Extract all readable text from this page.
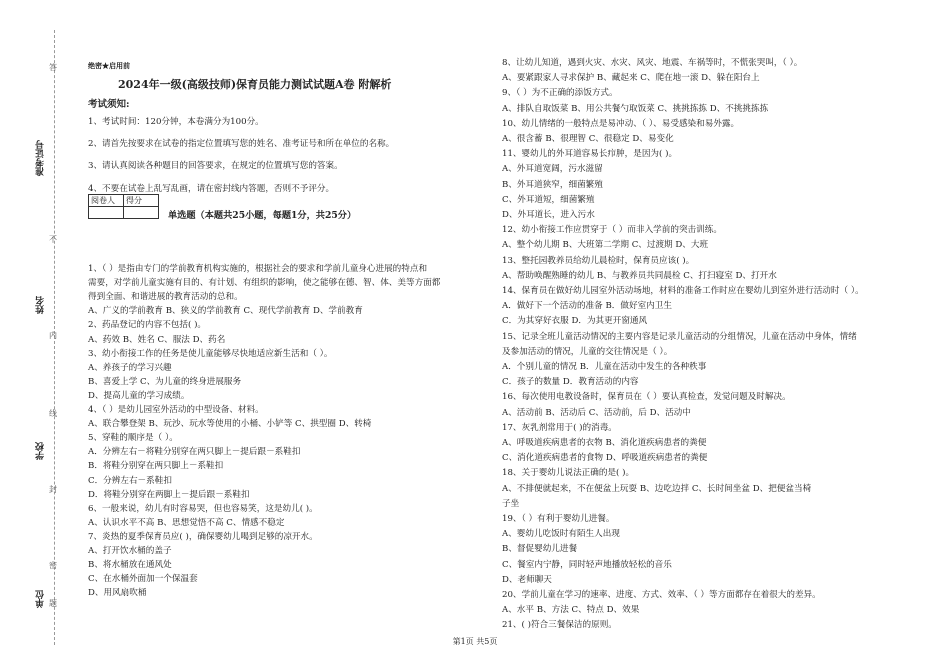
准考证号
姓名
学校
单位
答
不
内
线
封
密
题
绝密★启用前
2024年一级(高级技师)保育员能力测试试题A卷 附解析
考试须知:
1、考试时间：120分钟，本卷满分为100分。
2、请首先按要求在试卷的指定位置填写您的姓名、准考证号和所在单位的名称。
3、请认真阅读各种题目的回答要求，在规定的位置填写您的答案。
4、不要在试卷上乱写乱画，请在密封线内答题，否则不予评分。
阅卷人	得分

单选题（本题共25小题，每题1分，共25分）
1、（ ）是指由专门的学前教育机构实施的，根据社会的要求和学前儿童身心进展的特点和
需要，对学前儿童实施有目的、有计划、有组织的影响，使之能够在德、智、体、美等方面都
得到全面、和谐进展的教育活动的总和。
A、广义的学前教育 B、狭义的学前教育 C、现代学前教育 D、学前教育
2、药品登记的内容不包括( )。
A、药效 B、姓名 C、服法 D、药名
3、幼小衔接工作的任务是使儿童能够尽快地适应新生活和（ ）。
A、养孩子的学习兴趣
B、喜爱上学 C、为儿童的终身进展服务
D、提高儿童的学习成绩。
4、（ ）是幼儿园室外活动的中型设备、材料。
A、联合攀登架 B、玩沙、玩水等使用的小桶、小铲等 C、拱型圈 D、转椅
5、穿鞋的顺序是（ ）。
A．分辨左右－将鞋分别穿在两只脚上－提后跟－系鞋扣
B．将鞋分别穿在两只脚上－系鞋扣
C．分辨左右－系鞋扣
D．将鞋分别穿在两脚上－提后跟－系鞋扣
6、一般来说，幼儿有时容易哭，但也容易笑，这是幼儿( )。
A、认识水平不高 B、思想觉悟不高 C、情感不稳定
7、炎热的夏季保育员应( )，确保婴幼儿喝到足够的凉开水。
A、打开饮水桶的盖子
B、将水桶放在通风处
C、在水桶外面加一个保温套
D、用风扇吹桶
8、让幼儿知道，遇到火灾、水灾、风灾、地震、车祸等时，不慌张哭叫，（ ）。
A、要紧跟家人寻求保护 B、藏起来 C、爬在地一滚 D、躲在阳台上
9、（ ）为不正确的添饭方式。
A、排队自取饭菜 B、用公共餐勺取饭菜 C、挑挑拣拣 D、不挑挑拣拣
10、幼儿情绪的一般特点是易冲动、（ ）、易受感染和易外露。
A、很含蓄 B、很理智 C、很稳定 D、易变化
11、婴幼儿的外耳道容易长疖肿，是因为( )。
A、外耳道宽阔，污水滋留
B、外耳道狭窄，细菌繁殖
C、外耳道短，细菌繁殖
D、外耳道长，进入污水
12、幼小衔接工作应贯穿于（ ）而非入学前的突击训练。
A、整个幼儿期 B、大班第二学期 C、过渡期 D、大班
13、整托园教养员给幼儿晨检时，保育员应该( )。
A、帮助唤醒熟睡的幼儿 B、与教养员共同晨检 C、打扫寝室 D、打开水
14、保育员在做好幼儿园室外活动场地，材料的准备工作时应在婴幼儿到室外进行活动时（ ）。
A．做好下一个活动的准备 B．做好室内卫生
C．为其穿好衣服 D．为其更开窗通风
15、记录全班儿童活动情况的主要内容是记录儿童活动的分组情况，儿童在活动中身体，情绪
及参加活动的情况，儿童的交往情况是（ ）。
A．个别儿童的情况 B．儿童在活动中发生的各种秩事
C．孩子的数量 D．教育活动的内容
16、每次使用电教设备时，保育员在（ ）要认真检查，发觉问题及时解决。
A、活动前 B、活动后 C、活动前，后 D、活动中
17、灰乳剂常用于( )的消毒。
A、呼吸道疾病患者的衣物 B、消化道疾病患者的粪便
C、消化道疾病患者的食物 D、呼吸道疾病患者的粪便
18、关于婴幼儿说法正确的是( )。
A、不排便就起来，不在便盆上玩耍 B、边吃边拌 C、长时间坐盆 D、把便盆当椅
子坐
19、（ ）有利于婴幼儿进餐。
A、婴幼儿吃饭时有陌生人出现
B、督促婴幼儿进餐
C、餐室内宁静，同时轻声地播放轻松的音乐
D、老师聊天
20、学前儿童在学习的速率、进度、方式、效率、（ ）等方面都存在着很大的差异。
A、水平 B、方法 C、特点 D、效果
21、( )符合三餐保洁的原则。
第1页 共5页
